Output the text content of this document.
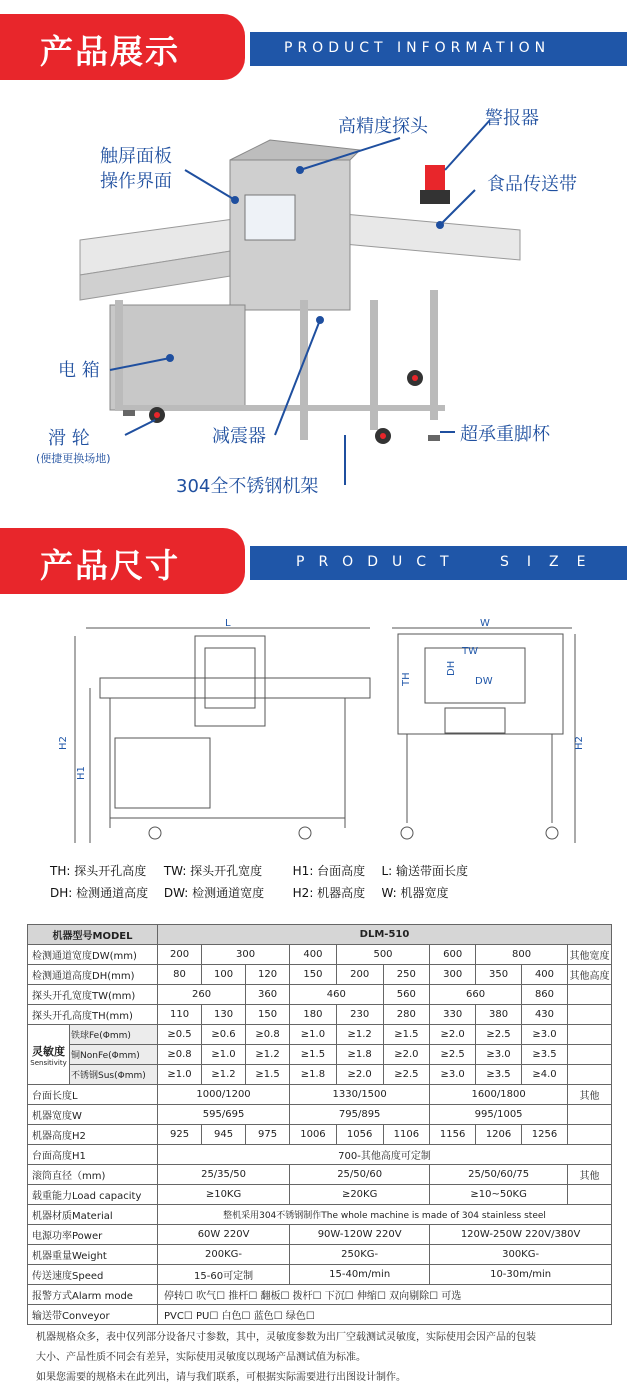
产品展示	PRODUCT INFORMATION
触屏面板
操作界面
高精度探头	警报器
食品传送带
电 箱
滑 轮
(便捷更换场地)
减震器	超承重脚杯
304全不锈钢机架
产品尺寸	PRODUCT	SIZE
L
H2
H1
W
TW
DW
TH
DH
H2
TH: 探头开孔高度 TW: 探头开孔宽度	H1: 台面高度 L: 输送带面长度
DH: 检测通道高度 DW: 检测通道宽度 H2: 机器高度 W: 机器宽度
机器型号MODEL		DLM-510									
检测通道宽度DW(mm)		200	300		400	500		600	800		其他宽度
检测通道高度DH(mm)		80	100	120	150	200	250	300	350	400	其他高度
探头开孔宽度TW(mm)		260		360	460		560	660		860	
探头开孔高度TH(mm)		110	130	150	180	230	280	330	380	430	

灵敏度
Sensitivity	铁球Fe(Φmm)	≥0.5	≥0.6	≥0.8	≥1.0	≥1.2	≥1.5	≥2.0	≥2.5	≥3.0	
	铜NonFe(Φmm)	≥0.8	≥1.0	≥1.2	≥1.5	≥1.8	≥2.0	≥2.5	≥3.0	≥3.5	
	不锈钢Sus(Φmm)	≥1.0	≥1.2	≥1.5	≥1.8	≥2.0	≥2.5	≥3.0	≥3.5	≥4.0	
台面长度L		1000/1200			1330/1500			1600/1800			其他
机器宽度W		595/695			795/895			995/1005			
机器高度H2		925	945	975	1006	1056	1106	1156	1206	1256	
台面高度H1		700-其他高度可定制									
滚筒直径（mm)		25/35/50			25/50/60			25/50/60/75			其他
载重能力Load capacity		≥10KG			≥20KG			≥10~50KG			
机器材质Material		整机采用304不锈钢制作The whole machine is made of 304 stainless steel									
电源功率Power		60W 220V			90W-120W 220V			120W-250W 220V/380V			
机器重量Weight		200KG-			250KG-			300KG-			
传送速度Speed		15-60可定制			15-40m/min			10-30m/min			
报警方式Alarm mode		停转☐ 吹气☐ 推杆☐ 翻板☐ 拨杆☐ 下沉☐ 伸缩☐ 双向剔除☐ 可选									
输送带Conveyor		PVC☐ PU☐ 白色☐ 蓝色☐ 绿色☐									

机器规格众多，表中仅列部分设备尺寸参数，其中，灵敏度参数为出厂空载测试灵敏度，实际使用会因产品的包装

大小、产品性质不同会有差异，实际使用灵敏度以现场产品测试值为标准。

如果您需要的规格未在此列出，请与我们联系，可根据实际需要进行出图设计制作。
